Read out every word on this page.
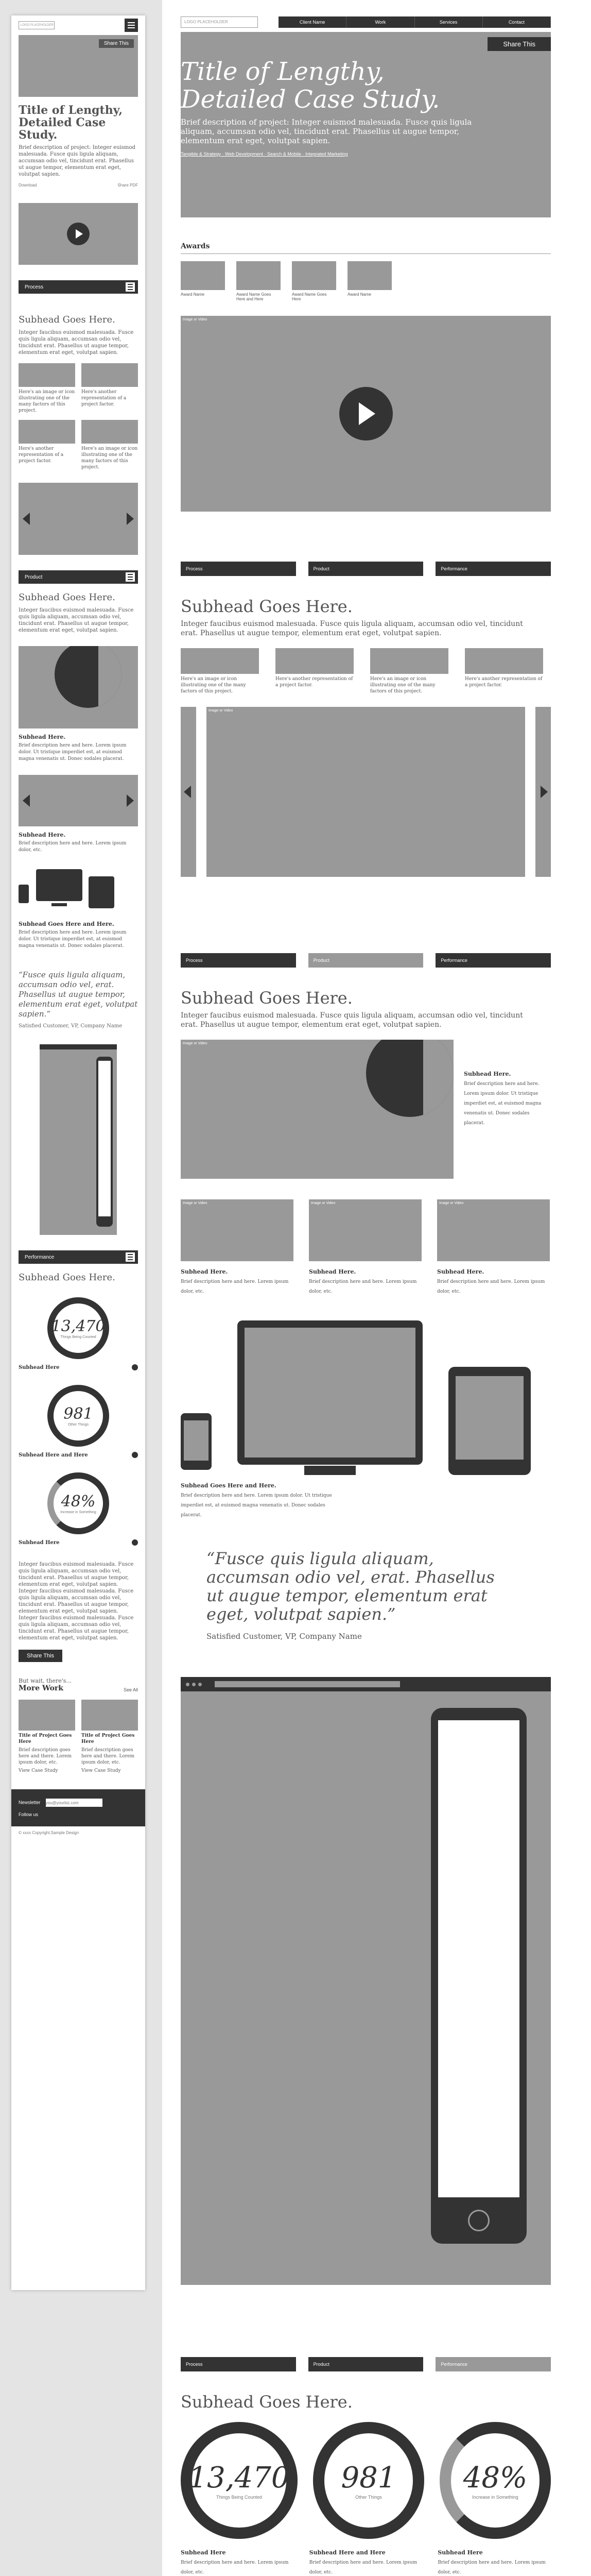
LOGO PLACEHOLDER
Share This
Title of Lengthy, Detailed Case Study.

Brief description of project: Integer euismod malesuada. Fusce quis ligula aliquam, accumsan odio vel, tincidunt erat. Phasellus ut augue tempor, elementum erat eget, volutpat sapien.

Download	Share PDF
Process
Subhead Goes Here.

Integer faucibus euismod malesuada. Fusce quis ligula aliquam, accumsan odio vel, tincidunt erat. Phasellus ut augue tempor, elementum erat eget, volutpat sapien.

Here's an image or icon illustrating one of the many factors of this project.

Here's another representation of a project factor.

Here's another representation of a project factor.

Here's an image or icon illustrating one of the many factors of this project.

Product
Subhead Goes Here.

Integer faucibus euismod malesuada. Fusce quis ligula aliquam, accumsan odio vel, tincidunt erat. Phasellus ut augue tempor, elementum erat eget, volutpat sapien.

Subhead Here.

Brief description here and here. Lorem ipsum dolor. Ut tristique imperdiet est, at euismod magna venenatis ut. Donec sodales placerat.

Subhead Here.

Brief description here and here. Lorem ipsum dolor, etc.

Subhead Goes Here and Here.

Brief description here and here. Lorem ipsum dolor. Ut tristique imperdiet est, at euismod magna venenatis ut. Donec sodales placerat.

“Fusce quis ligula aliquam, accumsan odio vel, erat. Phasellus ut augue tempor, elementum erat eget, volutpat sapien.”
Satisfied Customer, VP, Company Name
Performance
Subhead Goes Here.
13,470
Things Being Counted
Subhead Here
981
Other Things
Subhead Here and Here
48%
Increase in Something
Subhead Here

Integer faucibus euismod malesuada. Fusce quis ligula aliquam, accumsan odio vel, tincidunt erat. Phasellus ut augue tempor, elementum erat eget, volutpat sapien. Integer faucibus euismod malesuada. Fusce quis ligula aliquam, accumsan odio vel, tincidunt erat. Phasellus ut augue tempor, elementum erat eget, volutpat sapien. Integer faucibus euismod malesuada. Fusce quis ligula aliquam, accumsan odio vel, tincidunt erat. Phasellus ut augue tempor, elementum erat eget, volutpat sapien.

Share This
But wait, there's...
More Work	See All

Title of Project Goes Here

Brief description goes here and there. Lorem ipsum dolor, etc.

View Case Study

Title of Project Goes Here

Brief description goes here and there. Lorem ipsum dolor, etc.

View Case Study

Newsletteryou@yourbiz.com
Follow us
© xxxx Copyright.Sample Design
LOGO PLACEHOLDER	Client Name	Work	Services	Contact
Share This
Title of Lengthy, Detailed Case Study.

Brief description of project: Integer euismod malesuada. Fusce quis ligula aliquam, accumsan odio vel, tincidunt erat. Phasellus ut augue tempor, elementum erat eget, volutpat sapien.

Tangible & Strategy · Web Development · Search & Mobile · Integrated Marketing

Awards

Award Name	Award Name Goes Here and Here

Award Name Goes Here

Award Name

Image or Video
Process	Product	Performance
Subhead Goes Here.

Integer faucibus euismod malesuada. Fusce quis ligula aliquam, accumsan odio vel, tincidunt erat. Phasellus ut augue tempor, elementum erat eget, volutpat sapien.

Here's an image or icon illustrating one of the many factors of this project.

Here's another representation of a project factor.

Here's an image or icon illustrating one of the many factors of this project.

Here's another representation of a project factor.

Image or Video
Process	Product	Performance
Subhead Goes Here.

Integer faucibus euismod malesuada. Fusce quis ligula aliquam, accumsan odio vel, tincidunt erat. Phasellus ut augue tempor, elementum erat eget, volutpat sapien.

Image or Video
Subhead Here.
Brief description here and here. Lorem ipsum dolor. Ut tristique imperdiet est, at euismod magna venenatis ut. Donec sodales placerat.
Image or Video
Subhead Here.
Brief description here and here. Lorem ipsum dolor, etc.
Image or Video
Subhead Here.
Brief description here and here. Lorem ipsum dolor, etc.
Image or Video
Subhead Here.
Brief description here and here. Lorem ipsum dolor, etc.
Subhead Goes Here and Here.
Brief description here and here. Lorem ipsum dolor. Ut tristique imperdiet est, at euismod magna venenatis ut. Donec sodales placerat.
“Fusce quis ligula aliquam, accumsan odio vel, erat. Phasellus ut augue tempor, elementum erat eget, volutpat sapien.”
Satisfied Customer, VP, Company Name
Process	Product	Performance
Subhead Goes Here.
13,470
Things Being Counted
981
Other Things
48%
Increase in Something
Subhead Here
Brief description here and here. Lorem ipsum dolor, etc.
Subhead Here and Here
Brief description here and here. Lorem ipsum dolor, etc.
Subhead Here
Brief description here and here. Lorem ipsum dolor, etc.
